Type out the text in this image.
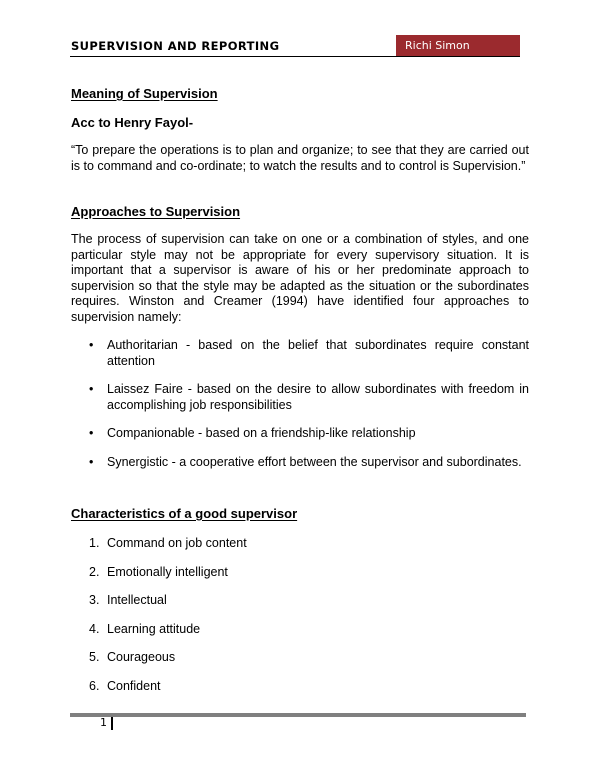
SUPERVISION AND REPORTING	Richi Simon
Meaning of Supervision
Acc to Henry Fayol-
“To prepare the operations is to plan and organize; to see that they are carried out is to command and co-ordinate; to watch the results and to control is Supervision.”
Approaches to Supervision
The process of supervision can take on one or a combination of styles, and one particular style may not be appropriate for every supervisory situation. It is important that a supervisor is aware of his or her predominate approach to supervision so that the style may be adapted as the situation or the subordinates requires. Winston and Creamer (1994) have identified four approaches to supervision namely:
• Authoritarian - based on the belief that subordinates require constant attention
• Laissez Faire - based on the desire to allow subordinates with freedom in accomplishing job responsibilities
• Companionable - based on a friendship-like relationship
• Synergistic - a cooperative effort between the supervisor and subordinates.
Characteristics of a good supervisor
1. Command on job content
2. Emotionally intelligent
3. Intellectual
4. Learning attitude
5. Courageous
6. Confident
1
